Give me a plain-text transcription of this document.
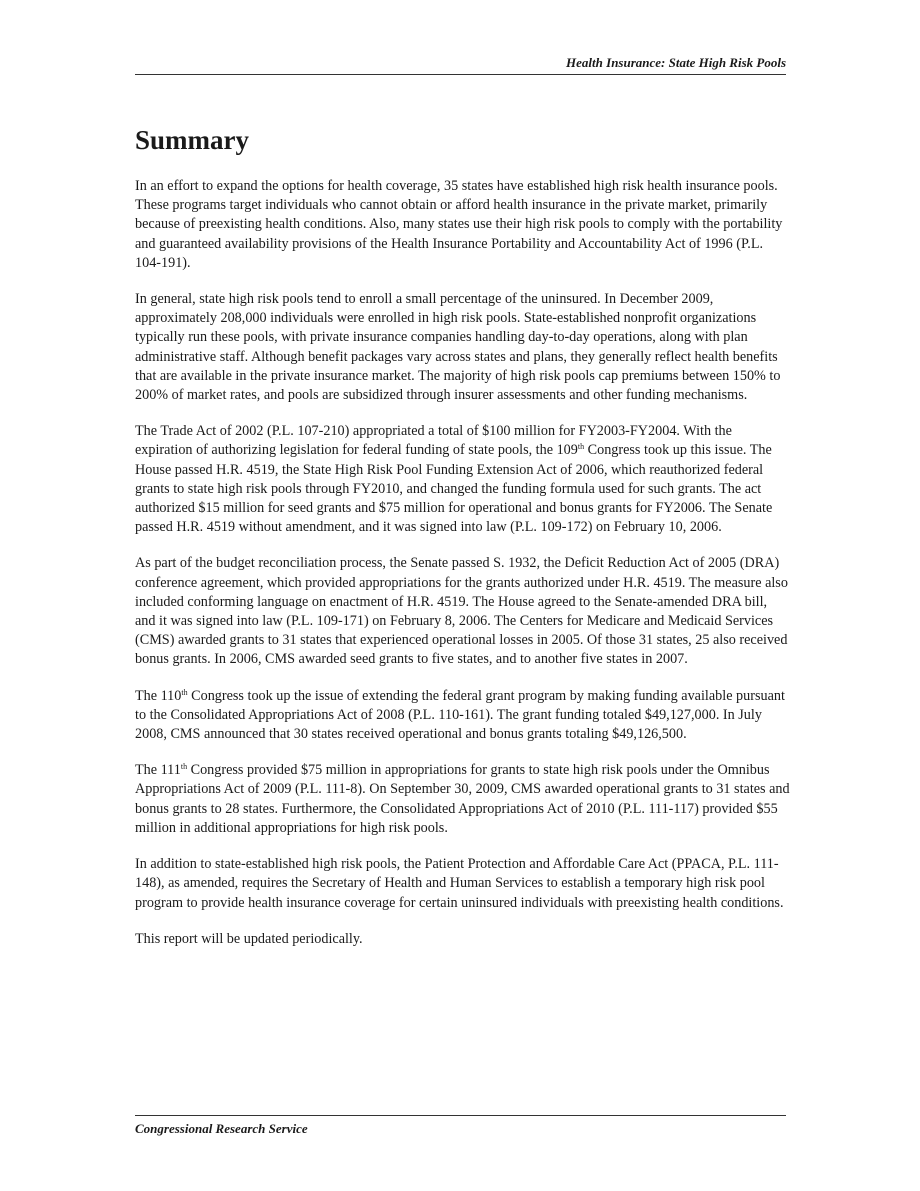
Health Insurance: State High Risk Pools
Summary

In an effort to expand the options for health coverage, 35 states have established high risk health insurance pools. These programs target individuals who cannot obtain or afford health insurance in the private market, primarily because of preexisting health conditions. Also, many states use their high risk pools to comply with the portability and guaranteed availability provisions of the Health Insurance Portability and Accountability Act of 1996 (P.L. 104-191).

In general, state high risk pools tend to enroll a small percentage of the uninsured. In December 2009, approximately 208,000 individuals were enrolled in high risk pools. State-established nonprofit organizations typically run these pools, with private insurance companies handling day-to-day operations, along with plan administrative staff. Although benefit packages vary across states and plans, they generally reflect health benefits that are available in the private insurance market. The majority of high risk pools cap premiums between 150% to 200% of market rates, and pools are subsidized through insurer assessments and other funding mechanisms.

The Trade Act of 2002 (P.L. 107-210) appropriated a total of $100 million for FY2003-FY2004. With the expiration of authorizing legislation for federal funding of state pools, the 109th Congress took up this issue. The House passed H.R. 4519, the State High Risk Pool Funding Extension Act of 2006, which reauthorized federal grants to state high risk pools through FY2010, and changed the funding formula used for such grants. The act authorized $15 million for seed grants and $75 million for operational and bonus grants for FY2006. The Senate passed H.R. 4519 without amendment, and it was signed into law (P.L. 109-172) on February 10, 2006.

As part of the budget reconciliation process, the Senate passed S. 1932, the Deficit Reduction Act of 2005 (DRA) conference agreement, which provided appropriations for the grants authorized under H.R. 4519. The measure also included conforming language on enactment of H.R. 4519. The House agreed to the Senate-amended DRA bill, and it was signed into law (P.L. 109-171) on February 8, 2006. The Centers for Medicare and Medicaid Services (CMS) awarded grants to 31 states that experienced operational losses in 2005. Of those 31 states, 25 also received bonus grants. In 2006, CMS awarded seed grants to five states, and to another five states in 2007.

The 110th Congress took up the issue of extending the federal grant program by making funding available pursuant to the Consolidated Appropriations Act of 2008 (P.L. 110-161). The grant funding totaled $49,127,000. In July 2008, CMS announced that 30 states received operational and bonus grants totaling $49,126,500.

The 111th Congress provided $75 million in appropriations for grants to state high risk pools under the Omnibus Appropriations Act of 2009 (P.L. 111-8). On September 30, 2009, CMS awarded operational grants to 31 states and bonus grants to 28 states. Furthermore, the Consolidated Appropriations Act of 2010 (P.L. 111-117) provided $55 million in additional appropriations for high risk pools.

In addition to state-established high risk pools, the Patient Protection and Affordable Care Act (PPACA, P.L. 111-148), as amended, requires the Secretary of Health and Human Services to establish a temporary high risk pool program to provide health insurance coverage for certain uninsured individuals with preexisting health conditions.

This report will be updated periodically.

Congressional Research Service
